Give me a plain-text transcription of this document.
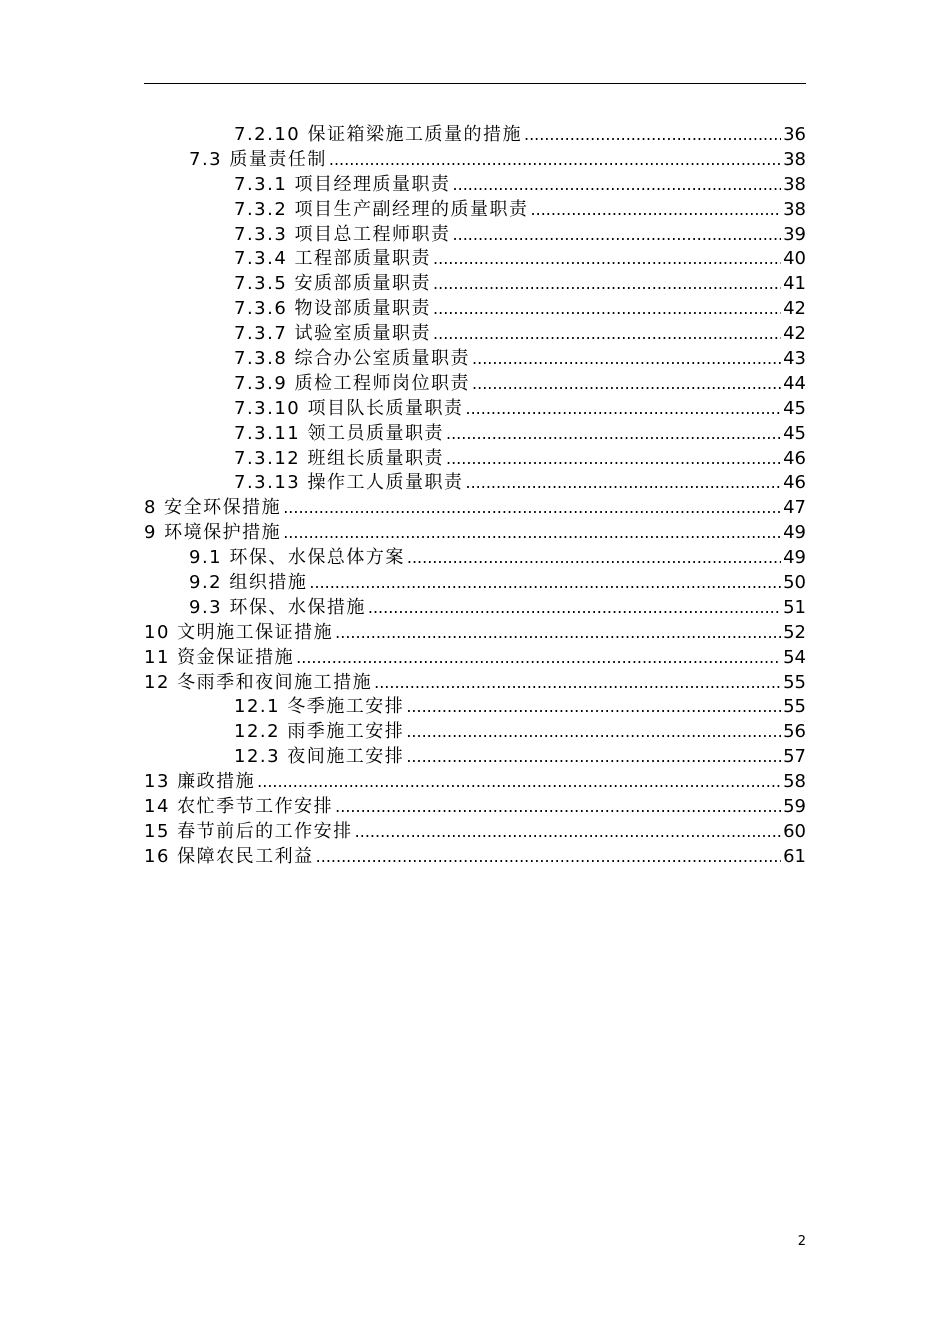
7.2.10 保证箱梁施工质量的措施 .....	36
7.3 质量责任制 .....	38
7.3.1 项目经理质量职责 .....	38
7.3.2 项目生产副经理的质量职责 .....	38
7.3.3 项目总工程师职责 .....	39
7.3.4 工程部质量职责 .....	40
7.3.5 安质部质量职责 .....	41
7.3.6 物设部质量职责 .....	42
7.3.7 试验室质量职责 .....	42
7.3.8 综合办公室质量职责 .....	43
7.3.9 质检工程师岗位职责 .....	44
7.3.10 项目队长质量职责 .....	45
7.3.11 领工员质量职责 .....	45
7.3.12 班组长质量职责 .....	46
7.3.13 操作工人质量职责 .....	46
8 安全环保措施 .....	47
9 环境保护措施 .....	49
9.1 环保、水保总体方案 .....	49
9.2 组织措施 .....	50
9.3 环保、水保措施 .....	51
10 文明施工保证措施 .....	52
11 资金保证措施 .....	54
12 冬雨季和夜间施工措施 .....	55
12.1 冬季施工安排 .....	55
12.2 雨季施工安排 .....	56
12.3 夜间施工安排 .....	57
13 廉政措施 .....	58
14 农忙季节工作安排 .....	59
15 春节前后的工作安排 .....	60
16 保障农民工利益 .....	61
2
